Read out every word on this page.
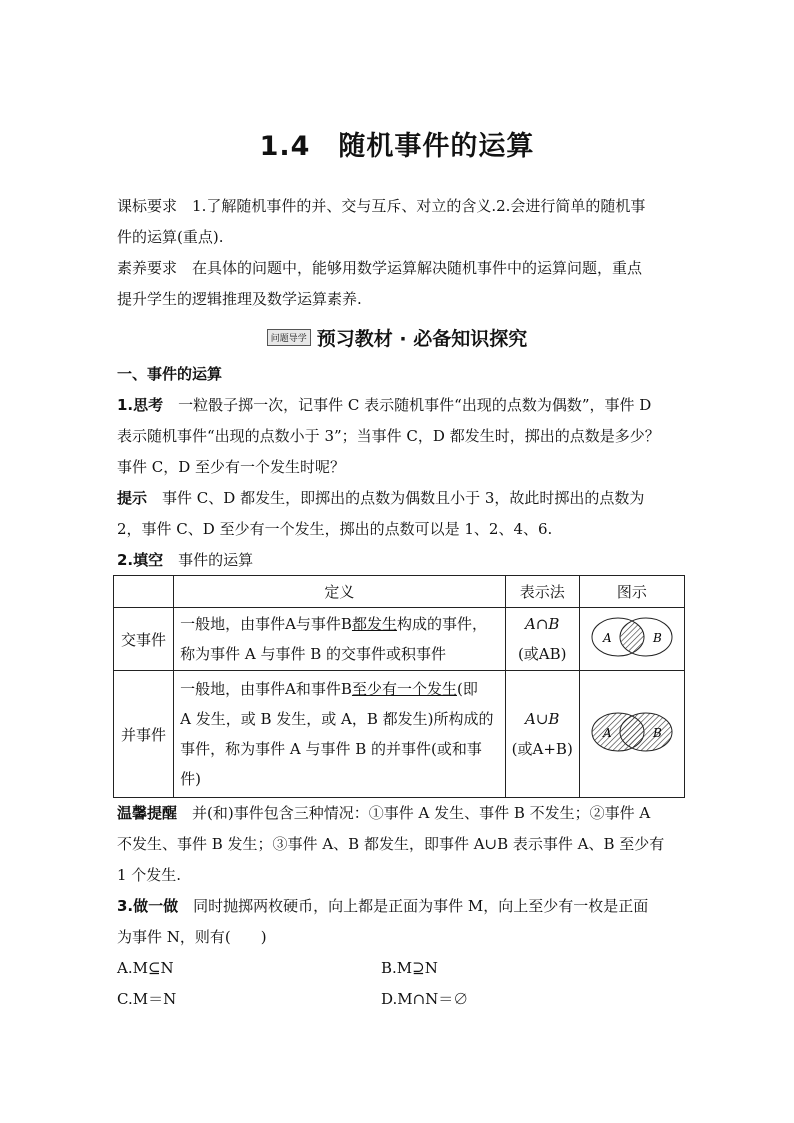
1.4　随机事件的运算
课标要求　 1.了解随机事件的并、交与互斥、对立的含义.2.会进行简单的随机事
件的运算(重点).
素养要求　 在具体的问题中，能够用数学运算解决随机事件中的运算问题，重点
提升学生的逻辑推理及数学运算素养.
问题导学 预习教材 · 必备知识探究
一、事件的运算
1.思考　 一粒骰子掷一次，记事件 C 表示随机事件“出现的点数为偶数”，事件 D
表示随机事件“出现的点数小于 3”；当事件 C，D 都发生时，掷出的点数是多少？
事件 C，D 至少有一个发生时呢？
提示　 事件 C、D 都发生，即掷出的点数为偶数且小于 3，故此时掷出的点数为
2，事件 C、D 至少有一个发生，掷出的点数可以是 1、2、4、6.
2.填空　 事件的运算
	定义	表示法	图示
交事件	一般地，由事件A与事件B都发生构成的事件，
称为事件 A 与事件 B 的交事件或积事件	A∩B
(或AB)	A B

并事件	一般地，由事件A和事件B至少有一个发生(即
A 发生，或 B 发生，或 A，B 都发生)所构成的
事件，称为事件 A 与事件 B 的并事件(或和事
件)	A∪B
(或A+B)	A B
温馨提醒　 并(和)事件包含三种情况：①事件 A 发生、事件 B 不发生；②事件 A
不发生、事件 B 发生；③事件 A、B 都发生，即事件 A∪B 表示事件 A、B 至少有
1 个发生.
3.做一做　 同时抛掷两枚硬币，向上都是正面为事件 M，向上至少有一枚是正面
为事件 N，则有(　　)
A.M⊆N	B.M⊇N
C.M＝N	D.M∩N＝∅
